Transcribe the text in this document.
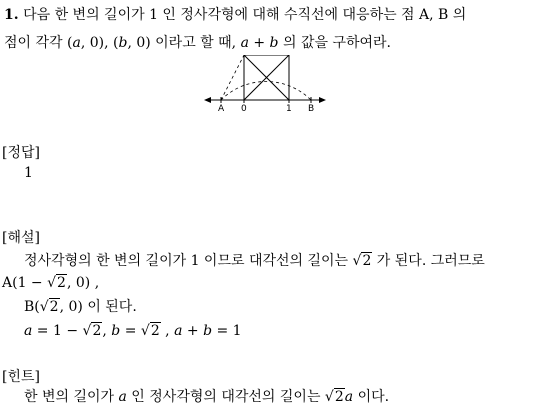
1. 다음 한 변의 길이가 1 인 정사각형에 대해 수직선에 대응하는 점 A, B 의
점이 각각 (a, 0), (b, 0) 이라고 할 때, a + b 의 값을 구하여라.
A 0	1 B
[정답]
1
[해설]
정사각형의 한 변의 길이가 1 이므로 대각선의 길이는 √2 가 된다. 그러므로
A(1 − √2, 0) ,
B(√2, 0) 이 된다.
a = 1 − √2, b = √2 , a + b = 1
[힌트]
한 변의 길이가 a 인 정사각형의 대각선의 길이는 √2a 이다.
